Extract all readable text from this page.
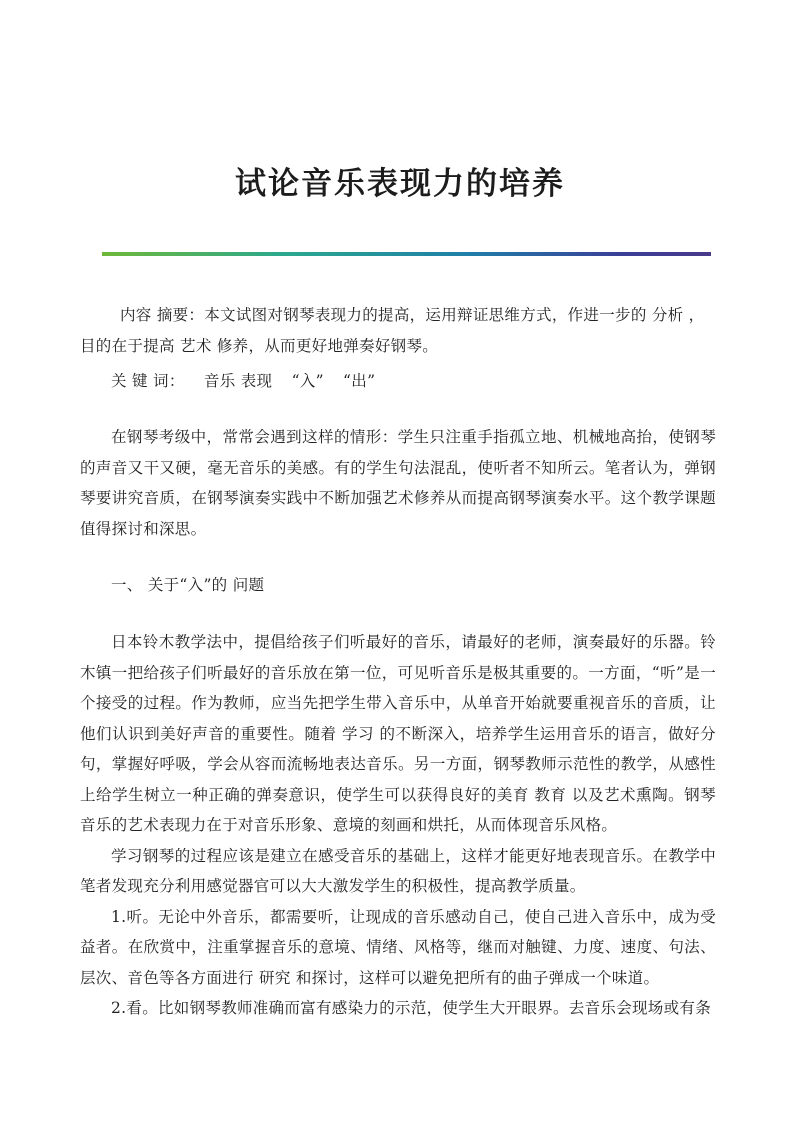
试论音乐表现力的培养
内容 摘要：本文试图对钢琴表现力的提高，运用辩证思维方式，作进一步的 分析 ，
目的在于提高 艺术 修养，从而更好地弹奏好钢琴。
关 键 词： 音乐 表现 “入” “出”

在钢琴考级中，常常会遇到这样的情形：学生只注重手指孤立地、机械地高抬，使钢琴的声音又干又硬，毫无音乐的美感。有的学生句法混乱，使听者不知所云。笔者认为，弹钢琴要讲究音质，在钢琴演奏实践中不断加强艺术修养从而提高钢琴演奏水平。这个教学课题值得探讨和深思。

一、 关于“入”的 问题

日本铃木教学法中，提倡给孩子们听最好的音乐，请最好的老师，演奏最好的乐器。铃木镇一把给孩子们听最好的音乐放在第一位，可见听音乐是极其重要的。一方面，“听”是一个接受的过程。作为教师，应当先把学生带入音乐中，从单音开始就要重视音乐的音质，让他们认识到美好声音的重要性。随着 学习 的不断深入，培养学生运用音乐的语言，做好分句，掌握好呼吸，学会从容而流畅地表达音乐。另一方面，钢琴教师示范性的教学，从感性上给学生树立一种正确的弹奏意识，使学生可以获得良好的美育 教育 以及艺术熏陶。钢琴音乐的艺术表现力在于对音乐形象、意境的刻画和烘托，从而体现音乐风格。

学习钢琴的过程应该是建立在感受音乐的基础上，这样才能更好地表现音乐。在教学中笔者发现充分利用感觉器官可以大大激发学生的积极性，提高教学质量。

1.听。无论中外音乐，都需要听，让现成的音乐感动自己，使自己进入音乐中，成为受益者。在欣赏中，注重掌握音乐的意境、情绪、风格等，继而对触键、力度、速度、句法、层次、音色等各方面进行 研究 和探讨，这样可以避免把所有的曲子弹成一个味道。

2.看。比如钢琴教师准确而富有感染力的示范，使学生大开眼界。去音乐会现场或有条
